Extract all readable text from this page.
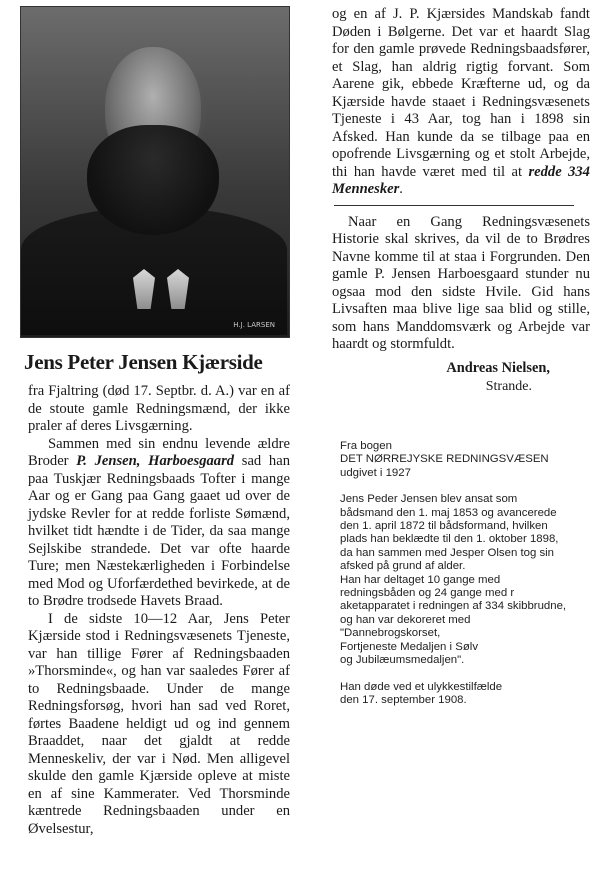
H.J. LARSEN
Jens Peter Jensen Kjærside

fra Fjaltring (død 17. Septbr. d. A.) var en af de stoute gamle Redningsmænd, der ikke praler af deres Livsgærning.

Sammen med sin endnu levende ældre Broder P. Jensen, Harboesgaard sad han paa Tuskjær Redningsbaads Tofter i mange Aar og er Gang paa Gang gaaet ud over de jydske Revler for at redde forliste Sømænd, hvilket tidt hændte i de Tider, da saa mange Sejlskibe strandede. Det var ofte haarde Ture; men Næstekærligheden i Forbindelse med Mod og Uforfærdethed bevirkede, at de to Brødre trodsede Havets Braad.

I de sidste 10—12 Aar, Jens Peter Kjærside stod i Redningsvæsenets Tjeneste, var han tillige Fører af Redningsbaaden »Thorsminde«, og han var saaledes Fører af to Redningsbaade. Under de mange Redningsforsøg, hvori han sad ved Roret, førtes Baadene heldigt ud og ind gennem Braaddet, naar det gjaldt at redde Menneskeliv, der var i Nød. Men alligevel skulde den gamle Kjærside opleve at miste en af sine Kammerater. Ved Thorsminde kæntrede Redningsbaaden under en Øvelsestur,

og en af J. P. Kjærsides Mandskab fandt Døden i Bølgerne. Det var et haardt Slag for den gamle prøvede Redningsbaadsfører, et Slag, han aldrig rigtig forvant. Som Aarene gik, ebbede Kræfterne ud, og da Kjærside havde staaet i Redningsvæsenets Tjeneste i 43 Aar, tog han i 1898 sin Afsked. Han kunde da se tilbage paa en opofrende Livsgærning og et stolt Arbejde, thi han havde været med til at redde 334 Mennesker.

Naar en Gang Redningsvæsenets Historie skal skrives, da vil de to Brødres Navne komme til at staa i Forgrunden. Den gamle P. Jensen Harboesgaard stunder nu ogsaa mod den sidste Hvile. Gid hans Livsaften maa blive lige saa blid og stille, som hans Manddomsværk og Arbejde var haardt og stormfuldt.

Andreas Nielsen,
Strande.
Fra bogen
DET NØRREJYSKE REDNINGSVÆSEN
udgivet i 1927
Jens Peder Jensen blev ansat som
bådsmand den 1. maj 1853 og avancerede
den 1. april 1872 til bådsformand, hvilken
plads han beklædte til den 1. oktober 1898,
da han sammen med Jesper Olsen tog sin
afsked på grund af alder.
Han har deltaget 10 gange med
redningsbåden og 24 gange med r
aketapparatet i redningen af 334 skibbrudne,
og han var dekoreret med
"Dannebrogskorset,
Fortjeneste Medaljen i Sølv
og Jubilæumsmedaljen".
Han døde ved et ulykkestilfælde
den 17. september 1908.
